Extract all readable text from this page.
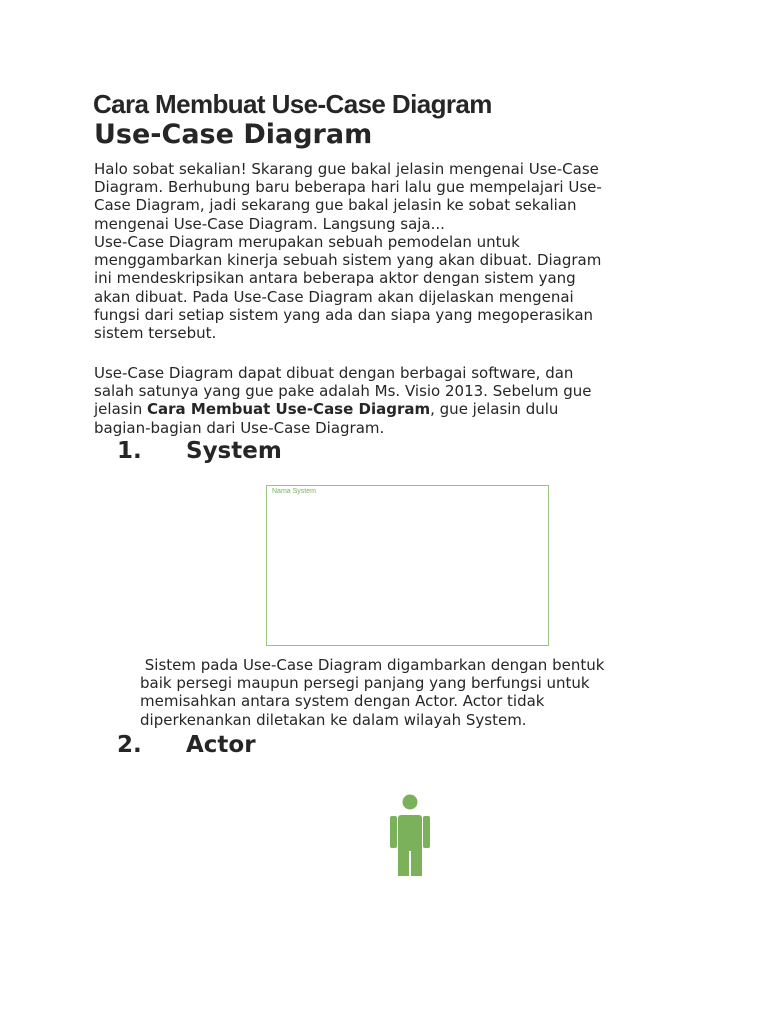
Cara Membuat Use-Case Diagram
Use-Case Diagram

Halo sobat sekalian! Skarang gue bakal jelasin mengenai Use-Case
Diagram. Berhubung baru beberapa hari lalu gue mempelajari Use-
Case Diagram, jadi sekarang gue bakal jelasin ke sobat sekalian
mengenai Use-Case Diagram. Langsung saja...

Use-Case Diagram merupakan sebuah pemodelan untuk
menggambarkan kinerja sebuah sistem yang akan dibuat. Diagram
ini mendeskripsikan antara beberapa aktor dengan sistem yang
akan dibuat. Pada Use-Case Diagram akan dijelaskan mengenai
fungsi dari setiap sistem yang ada dan siapa yang megoperasikan
sistem tersebut.

Use-Case Diagram dapat dibuat dengan berbagai software, dan
salah satunya yang gue pake adalah Ms. Visio 2013. Sebelum gue
jelasin Cara Membuat Use-Case Diagram, gue jelasin dulu
bagian-bagian dari Use-Case Diagram.

1. System
Nama System

Sistem pada Use-Case Diagram digambarkan dengan bentuk
baik persegi maupun persegi panjang yang berfungsi untuk
memisahkan antara system dengan Actor. Actor tidak
diperkenankan diletakan ke dalam wilayah System.

2. Actor
